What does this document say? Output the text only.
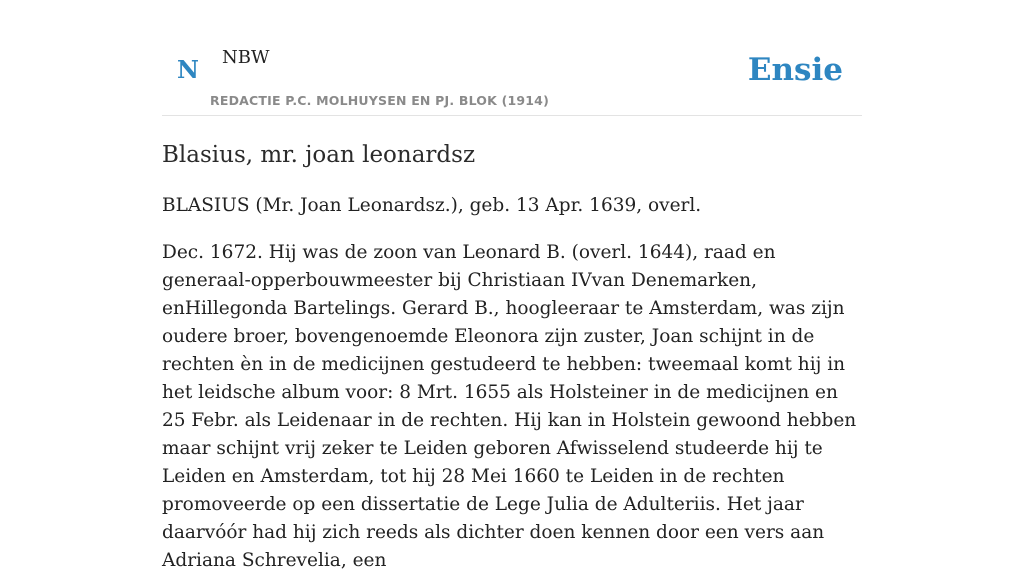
N NBW
REDACTIE P.C. MOLHUYSEN EN PJ. BLOK (1914)
Ensie
Blasius, mr. joan leonardsz

BLASIUS (Mr. Joan Leonardsz.), geb. 13 Apr. 1639, overl.

Dec. 1672. Hij was de zoon van Leonard B. (overl. 1644), raad en generaal-opperbouwmeester bij Christiaan IVvan Denemarken, enHillegonda Bartelings. Gerard B., hoogleeraar te Amsterdam, was zijn oudere broer, bovengenoemde Eleonora zijn zuster, Joan schijnt in de rechten èn in de medicijnen gestudeerd te hebben: tweemaal komt hij in het leidsche album voor: 8 Mrt. 1655 als Holsteiner in de medicijnen en 25 Febr. als Leidenaar in de rechten. Hij kan in Holstein gewoond hebben maar schijnt vrij zeker te Leiden geboren Afwisselend studeerde hij te Leiden en Amsterdam, tot hij 28 Mei 1660 te Leiden in de rechten promoveerde op een dissertatie de Lege Julia de Adulteriis. Het jaar daarvóór had hij zich reeds als dichter doen kennen door een vers aan Adriana Schrevelia, een
